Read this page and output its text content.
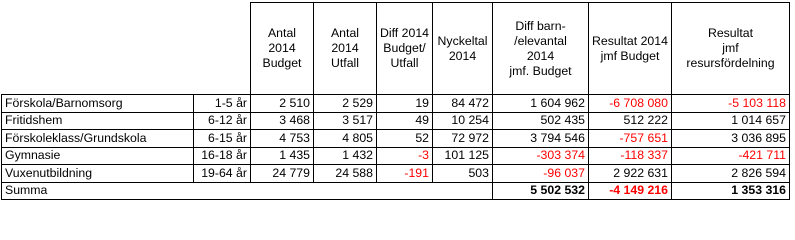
		Antal
2014
Budget	Antal
2014
Utfall	Diff 2014
Budget/
Utfall	Nyckeltal
2014	Diff barn-
/elevantal
2014
jmf. Budget	Resultat 2014
jmf Budget	Resultat
jmf
resursfördelning

Förskola/Barnomsorg	1-5 år	2 510	2 529	19	84 472	1 604 962	-6 708 080	-5 103 118
Fritidshem	6-12 år	3 468	3 517	49	10 254	502 435	512 222	1 014 657
Förskoleklass/Grundskola	6-15 år	4 753	4 805	52	72 972	3 794 546	-757 651	3 036 895
Gymnasie	16-18 år	1 435	1 432	-3	101 125	-303 374	-118 337	-421 711
Vuxenutbildning	19-64 år	24 779	24 588	-191	503	-96 037	2 922 631	2 826 594
Summa						5 502 532	-4 149 216	1 353 316
